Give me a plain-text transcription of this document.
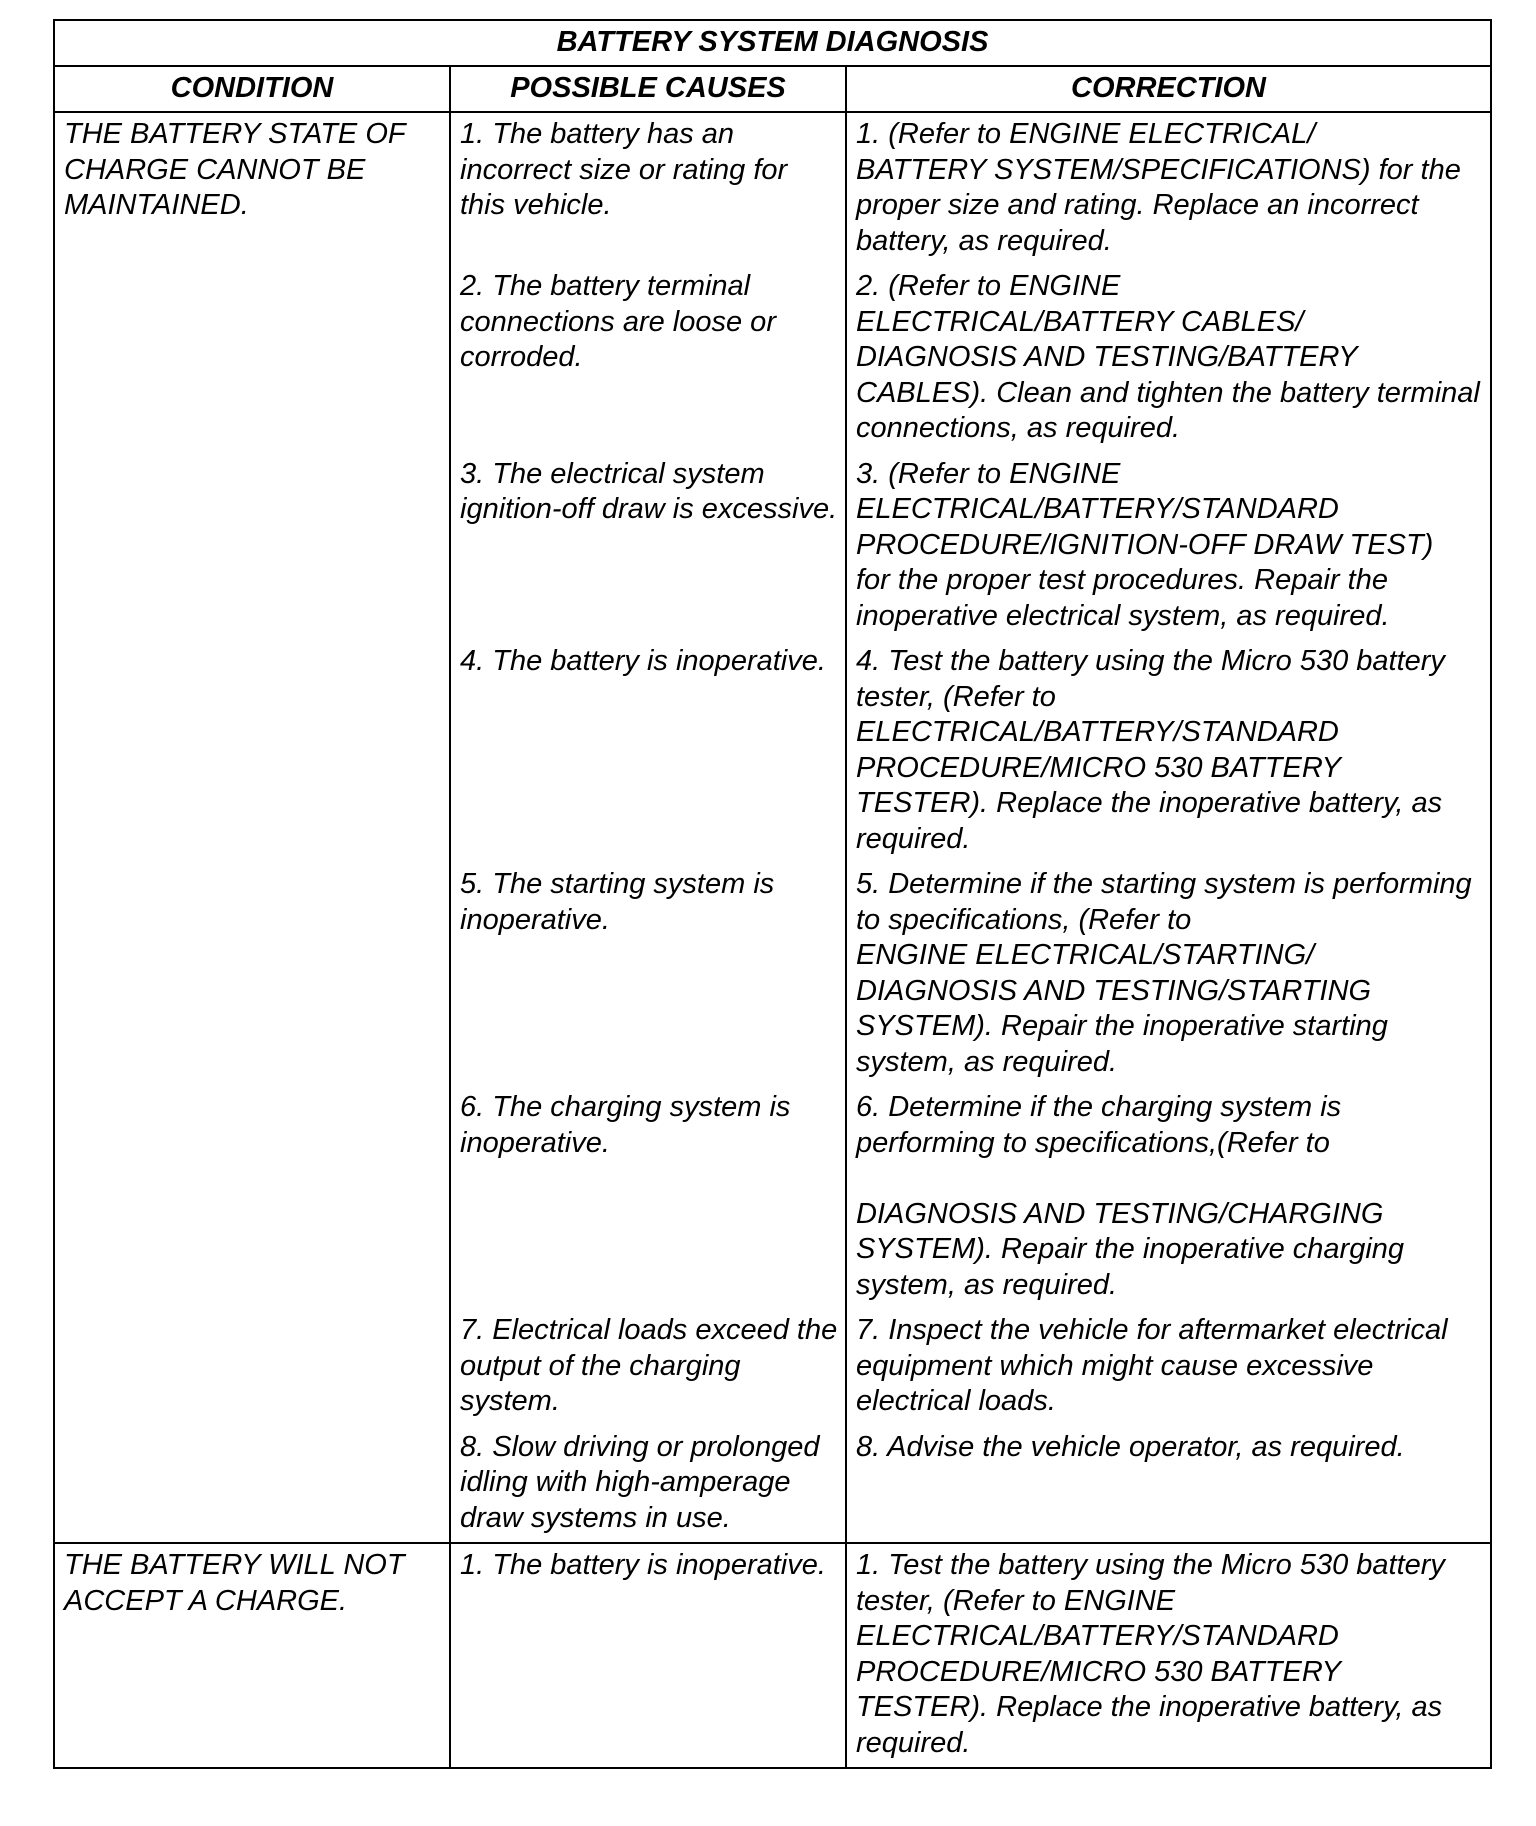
BATTERY SYSTEM DIAGNOSIS		
CONDITION	POSSIBLE CAUSES	CORRECTION
THE BATTERY STATE OF CHARGE CANNOT BE MAINTAINED.	1. The battery has an incorrect size or rating for this vehicle.	1. (Refer to ENGINE ELECTRICAL/
BATTERY SYSTEM/SPECIFICATIONS) for the proper size and rating. Replace an incorrect battery, as required.
	2. The battery terminal connections are loose or corroded.	2. (Refer to ENGINE
ELECTRICAL/BATTERY CABLES/
DIAGNOSIS AND TESTING/BATTERY
CABLES). Clean and tighten the battery terminal connections, as required.
	3. The electrical system ignition-off draw is excessive.	3. (Refer to ENGINE
ELECTRICAL/BATTERY/STANDARD
PROCEDURE/IGNITION-OFF DRAW TEST)
for the proper test procedures. Repair the inoperative electrical system, as required.
	4. The battery is inoperative.	4. Test the battery using the Micro 530 battery tester, (Refer to
ELECTRICAL/BATTERY/STANDARD
PROCEDURE/MICRO 530 BATTERY
TESTER). Replace the inoperative battery, as required.
	5. The starting system is inoperative.	5. Determine if the starting system is performing to specifications, (Refer to
ENGINE ELECTRICAL/STARTING/
DIAGNOSIS AND TESTING/STARTING
SYSTEM). Repair the inoperative starting system, as required.
	6. The charging system is inoperative.	6. Determine if the charging system is performing to specifications,(Refer to

DIAGNOSIS AND TESTING/CHARGING
SYSTEM). Repair the inoperative charging system, as required.
	7. Electrical loads exceed the output of the charging system.	7. Inspect the vehicle for aftermarket electrical equipment which might cause excessive electrical loads.
	8. Slow driving or prolonged idling with high-amperage draw systems in use.	8. Advise the vehicle operator, as required.
THE BATTERY WILL NOT ACCEPT A CHARGE.	1. The battery is inoperative.	1. Test the battery using the Micro 530 battery tester, (Refer to ENGINE
ELECTRICAL/BATTERY/STANDARD
PROCEDURE/MICRO 530 BATTERY
TESTER). Replace the inoperative battery, as required.
